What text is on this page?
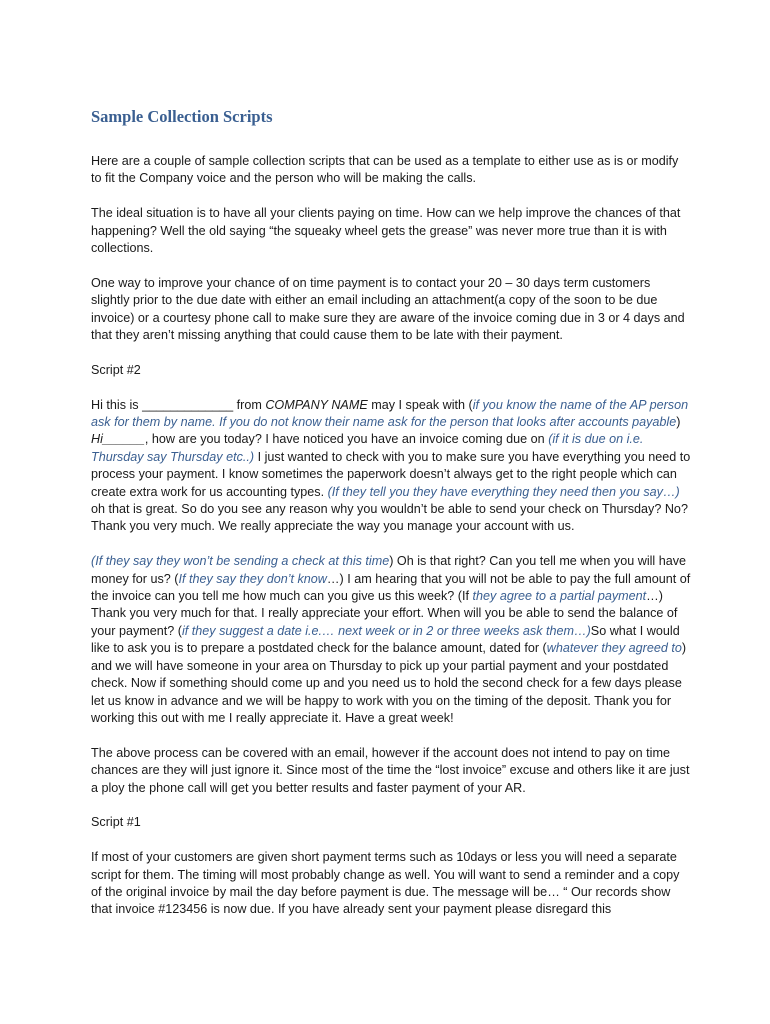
Sample Collection Scripts

Here are a couple of sample collection scripts that can be used as a template to either use as is or modify to fit the Company voice and the person who will be making the calls.

The ideal situation is to have all your clients paying on time. How can we help improve the chances of that happening? Well the old saying “the squeaky wheel gets the grease” was never more true than it is with collections.

One way to improve your chance of on time payment is to contact your 20 – 30 days term customers slightly prior to the due date with either an email including an attachment(a copy of the soon to be due invoice) or a courtesy phone call to make sure they are aware of the invoice coming due in 3 or 4 days and that they aren’t missing anything that could cause them to be late with their payment.

Script #2

Hi this is _____________ from COMPANY NAME may I speak with (if you know the name of the AP person ask for them by name. If you do not know their name ask for the person that looks after accounts payable) Hi______, how are you today? I have noticed you have an invoice coming due on (if it is due on i.e. Thursday say Thursday etc..) I just wanted to check with you to make sure you have everything you need to process your payment. I know sometimes the paperwork doesn’t always get to the right people which can create extra work for us accounting types. (If they tell you they have everything they need then you say…) oh that is great. So do you see any reason why you wouldn’t be able to send your check on Thursday? No? Thank you very much. We really appreciate the way you manage your account with us.

(If they say they won’t be sending a check at this time) Oh is that right? Can you tell me when you will have money for us? (If they say they don’t know…) I am hearing that you will not be able to pay the full amount of the invoice can you tell me how much can you give us this week? (If they agree to a partial payment…) Thank you very much for that. I really appreciate your effort. When will you be able to send the balance of your payment? (if they suggest a date i.e.… next week or in 2 or three weeks ask them…)So what I would like to ask you is to prepare a postdated check for the balance amount, dated for (whatever they agreed to) and we will have someone in your area on Thursday to pick up your partial payment and your postdated check. Now if something should come up and you need us to hold the second check for a few days please let us know in advance and we will be happy to work with you on the timing of the deposit. Thank you for working this out with me I really appreciate it. Have a great week!

The above process can be covered with an email, however if the account does not intend to pay on time chances are they will just ignore it. Since most of the time the “lost invoice” excuse and others like it are just a ploy the phone call will get you better results and faster payment of your AR.

Script #1

If most of your customers are given short payment terms such as 10days or less you will need a separate script for them. The timing will most probably change as well. You will want to send a reminder and a copy of the original invoice by mail the day before payment is due. The message will be… “ Our records show that invoice #123456 is now due. If you have already sent your payment please disregard this
